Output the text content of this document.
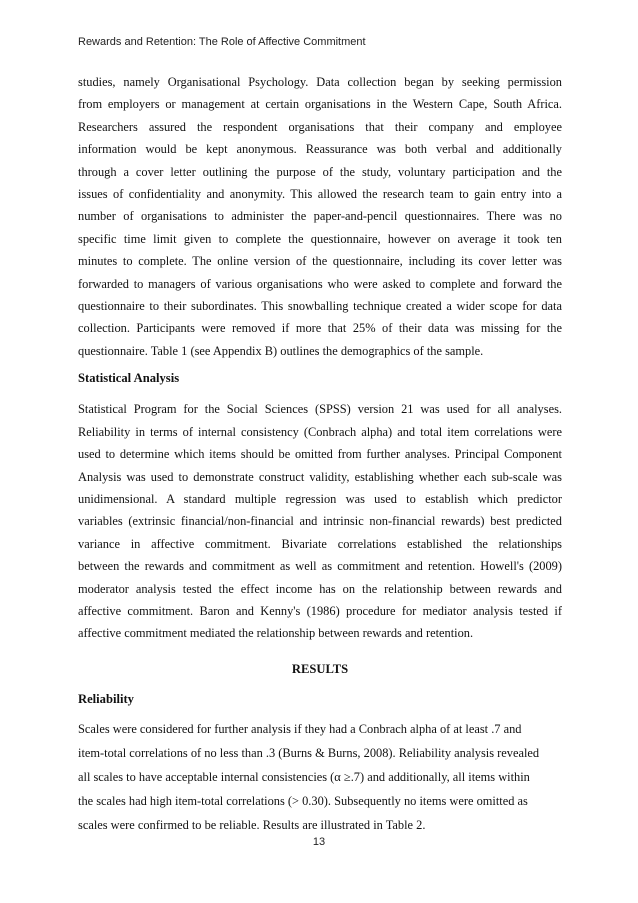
Rewards and Retention: The Role of Affective Commitment
studies, namely Organisational Psychology. Data collection began by seeking permission
from employers or management at certain organisations in the Western Cape, South Africa.
Researchers assured the respondent organisations that their company and employee
information would be kept anonymous. Reassurance was both verbal and additionally
through a cover letter outlining the purpose of the study, voluntary participation and the
issues of confidentiality and anonymity. This allowed the research team to gain entry into a
number of organisations to administer the paper-and-pencil questionnaires. There was no
specific time limit given to complete the questionnaire, however on average it took ten
minutes to complete. The online version of the questionnaire, including its cover letter was
forwarded to managers of various organisations who were asked to complete and forward the
questionnaire to their subordinates. This snowballing technique created a wider scope for data
collection. Participants were removed if more that 25% of their data was missing for the
questionnaire. Table 1 (see Appendix B) outlines the demographics of the sample.
Statistical Analysis
Statistical Program for the Social Sciences (SPSS) version 21 was used for all analyses.
Reliability in terms of internal consistency (Conbrach alpha) and total item correlations were
used to determine which items should be omitted from further analyses. Principal Component
Analysis was used to demonstrate construct validity, establishing whether each sub-scale was
unidimensional. A standard multiple regression was used to establish which predictor
variables (extrinsic financial/non-financial and intrinsic non-financial rewards) best predicted
variance in affective commitment. Bivariate correlations established the relationships
between the rewards and commitment as well as commitment and retention. Howell's (2009)
moderator analysis tested the effect income has on the relationship between rewards and
affective commitment. Baron and Kenny's (1986) procedure for mediator analysis tested if
affective commitment mediated the relationship between rewards and retention.
RESULTS
Reliability
Scales were considered for further analysis if they had a Conbrach alpha of at least .7 and
item-total correlations of no less than .3 (Burns & Burns, 2008). Reliability analysis revealed
all scales to have acceptable internal consistencies (α ≥.7) and additionally, all items within
the scales had high item-total correlations (> 0.30). Subsequently no items were omitted as
scales were confirmed to be reliable. Results are illustrated in Table 2.
13
